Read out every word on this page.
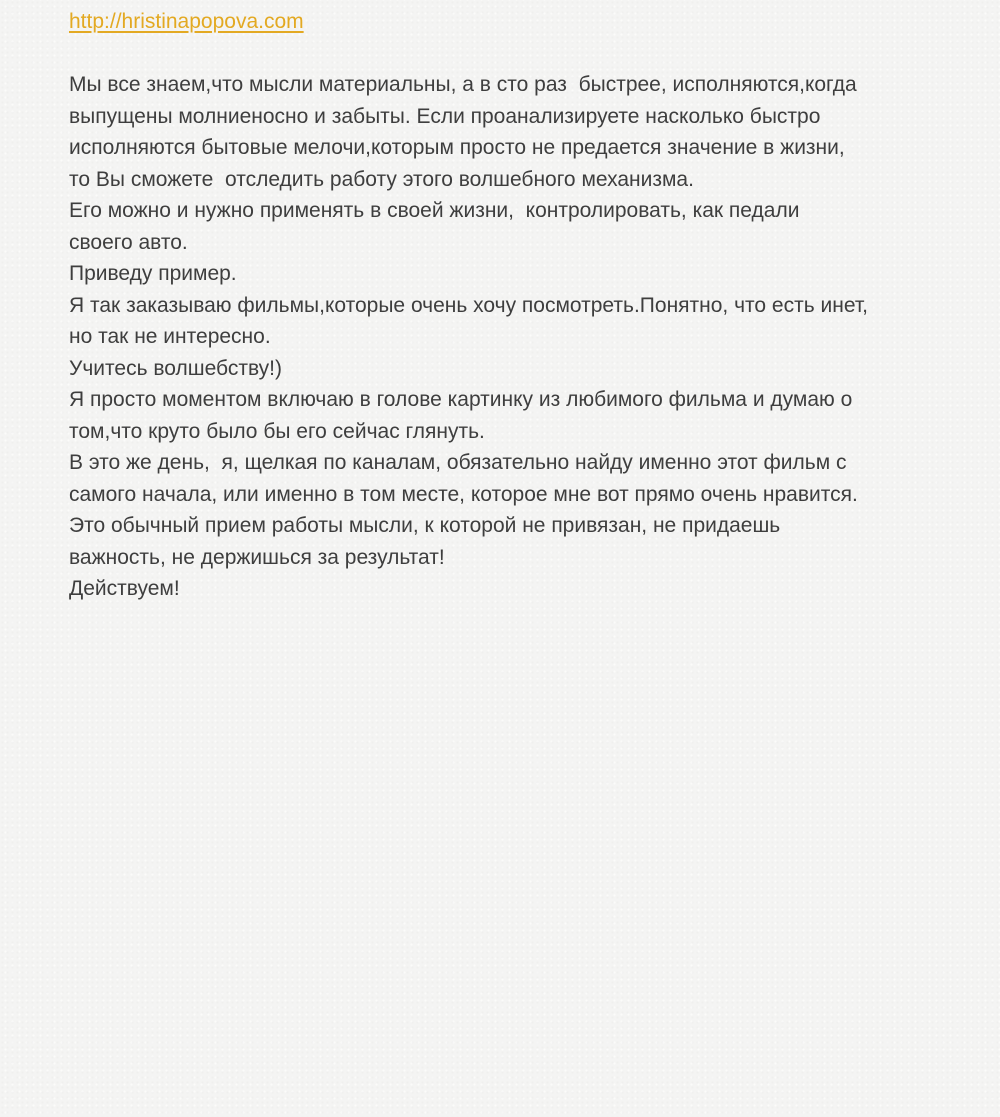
http://hristinapopova.com
Мы все знаем,что мысли материальны, а в сто раз  быстрее, исполняются,когда
выпущены молниеносно и забыты. Если проанализируете насколько быстро
исполняются бытовые мелочи,которым просто не предается значение в жизни,
то Вы сможете  отследить работу этого волшебного механизма.
Его можно и нужно применять в своей жизни,  контролировать, как педали
своего авто.
Приведу пример.
Я так заказываю фильмы,которые очень хочу посмотреть.Понятно, что есть инет,
но так не интересно.
Учитесь волшебству!)
Я просто моментом включаю в голове картинку из любимого фильма и думаю о
том,что круто было бы его сейчас глянуть.
В это же день,  я, щелкая по каналам, обязательно найду именно этот фильм с
самого начала, или именно в том месте, которое мне вот прямо очень нравится.
Это обычный прием работы мысли, к которой не привязан, не придаешь
важность, не держишься за результат!
Действуем!
